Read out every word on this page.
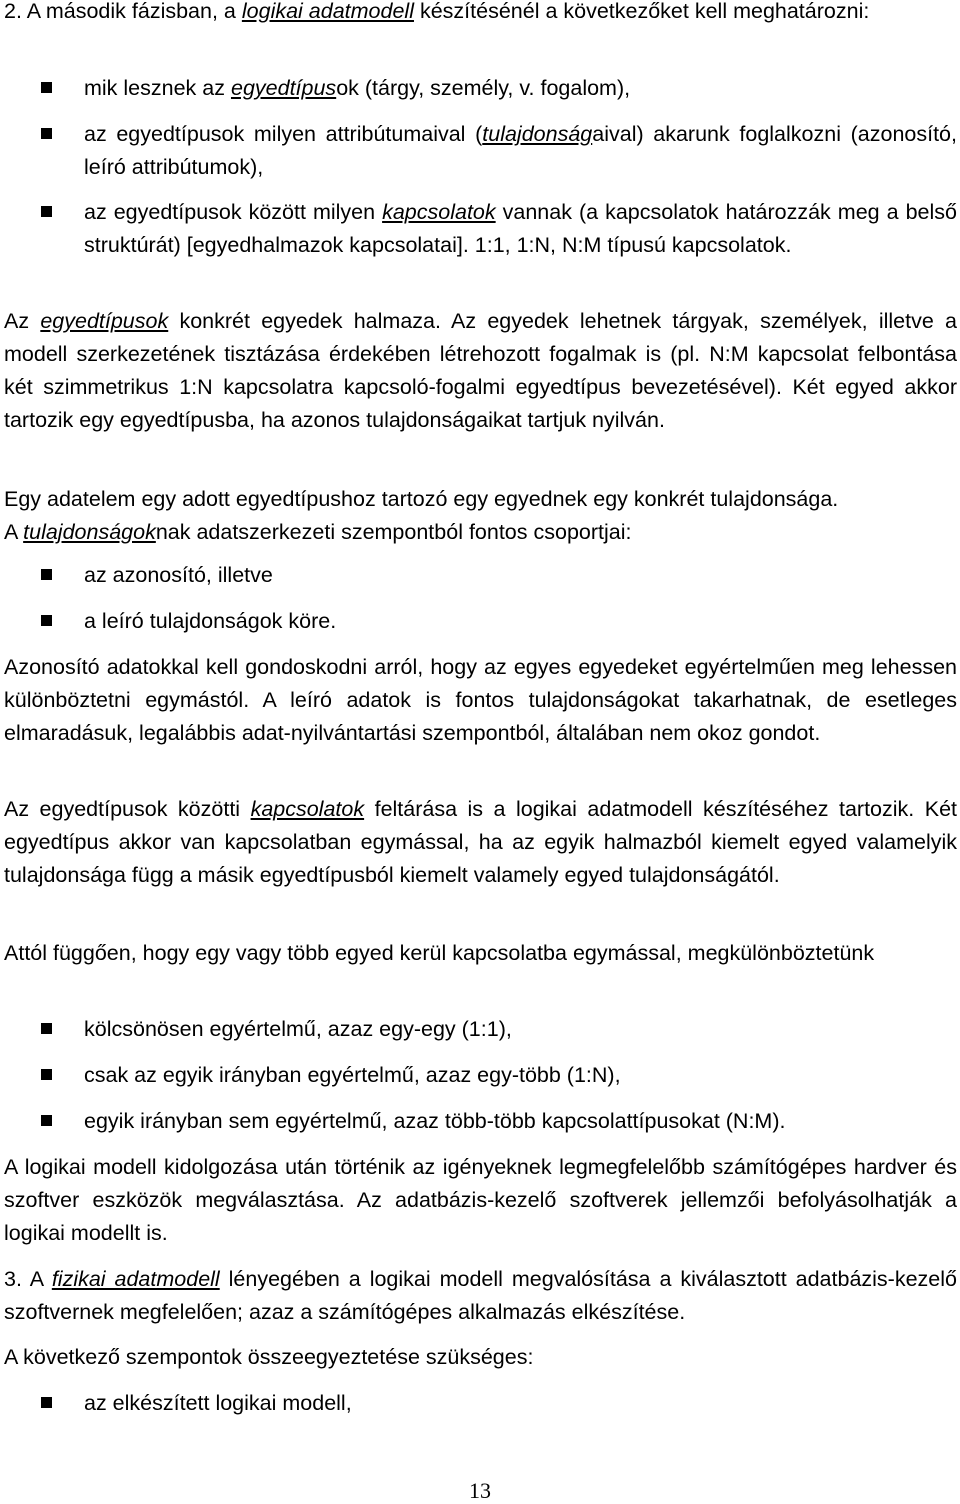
2. A második fázisban, a logikai adatmodell készítésénél a következőket kell meghatározni:

mik lesznek az egyedtípusok (tárgy, személy, v. fogalom),

az egyedtípusok milyen attribútumaival (tulajdonságaival) akarunk foglalkozni (azonosító, leíró attribútumok),

az egyedtípusok között milyen kapcsolatok vannak (a kapcsolatok határozzák meg a belső struktúrát) [egyedhalmazok kapcsolatai]. 1:1, 1:N, N:M típusú kapcsolatok.

Az egyedtípusok konkrét egyedek halmaza. Az egyedek lehetnek tárgyak, személyek, illetve a modell szerkezetének tisztázása érdekében létrehozott fogalmak is (pl. N:M kapcsolat felbontása két szimmetrikus 1:N kapcsolatra kapcsoló-fogalmi egyedtípus bevezetésével). Két egyed akkor tartozik egy egyedtípusba, ha azonos tulajdonságaikat tartjuk nyilván.

Egy adatelem egy adott egyedtípushoz tartozó egy egyednek egy konkrét tulajdonsága.
A tulajdonságoknak adatszerkezeti szempontból fontos csoportjai:

az azonosító, illetve

a leíró tulajdonságok köre.

Azonosító adatokkal kell gondoskodni arról, hogy az egyes egyedeket egyértelműen meg lehessen különböztetni egymástól. A leíró adatok is fontos tulajdonságokat takarhatnak, de esetleges elmaradásuk, legalábbis adat-nyilvántartási szempontból, általában nem okoz gondot.

Az egyedtípusok közötti kapcsolatok feltárása is a logikai adatmodell készítéséhez tartozik. Két egyedtípus akkor van kapcsolatban egymással, ha az egyik halmazból kiemelt egyed valamelyik tulajdonsága függ a másik egyedtípusból kiemelt valamely egyed tulajdonságától.

Attól függően, hogy egy vagy több egyed kerül kapcsolatba egymással, megkülönböztetünk

kölcsönösen egyértelmű, azaz egy-egy (1:1),

csak az egyik irányban egyértelmű, azaz egy-több (1:N),

egyik irányban sem egyértelmű, azaz több-több kapcsolattípusokat (N:M).

A logikai modell kidolgozása után történik az igényeknek legmegfelelőbb számítógépes hardver és szoftver eszközök megválasztása. Az adatbázis-kezelő szoftverek jellemzői befolyásolhatják a logikai modellt is.

3. A fizikai adatmodell lényegében a logikai modell megvalósítása a kiválasztott adatbázis-kezelő szoftvernek megfelelően; azaz a számítógépes alkalmazás elkészítése.

A következő szempontok összeegyeztetése szükséges:

az elkészített logikai modell,

13
